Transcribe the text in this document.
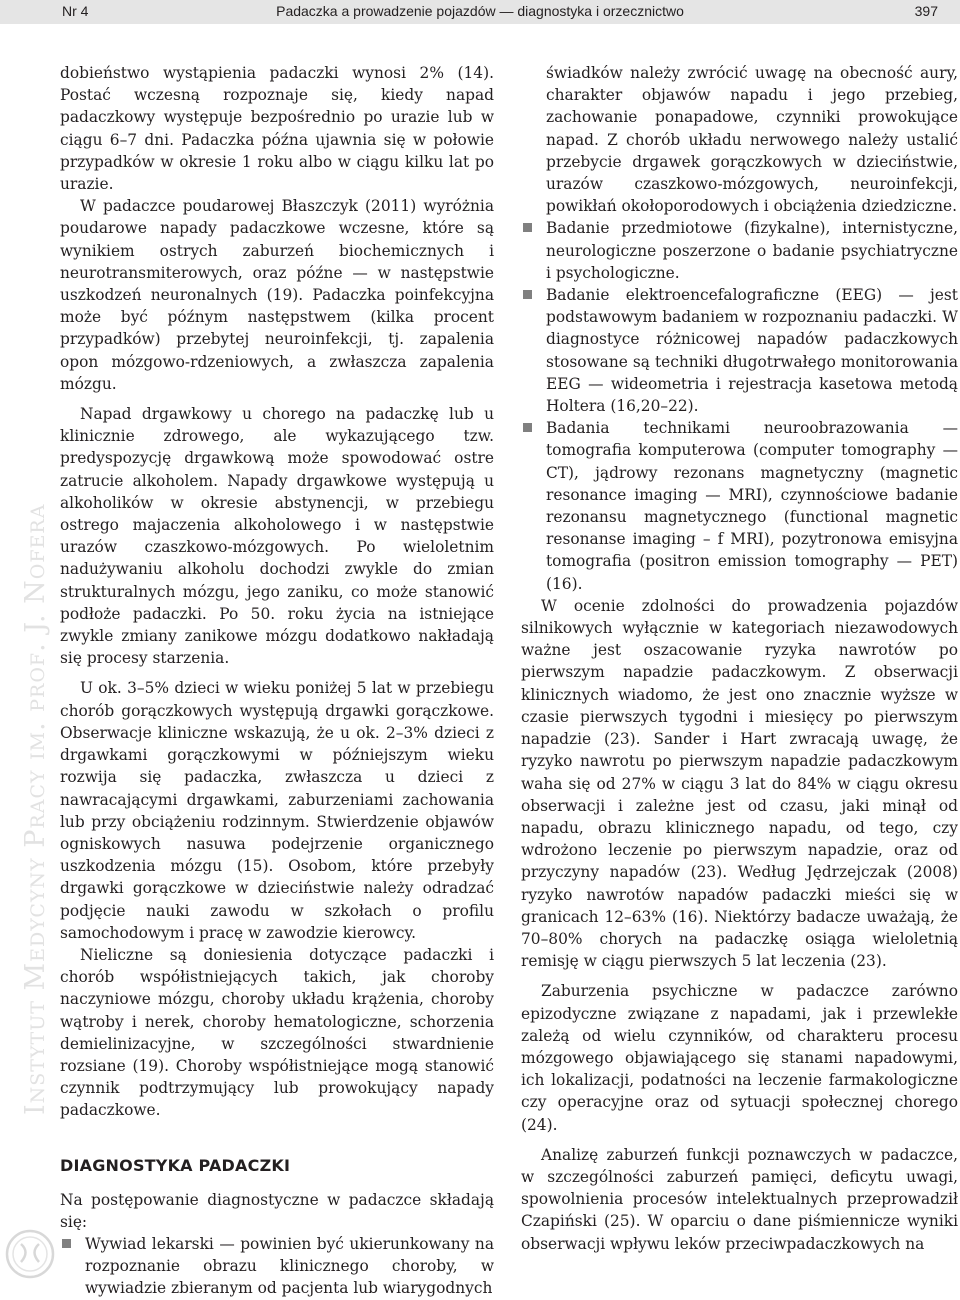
Nr 4	Padaczka a prowadzenie pojazdów — diagnostyka i orzecznictwo	397
Instytut Medycyny Pracy im. prof. J. Nofera

dobieństwo wystąpienia padaczki wynosi 2% (14). Postać wczesną rozpoznaje się, kiedy napad padaczkowy występuje bezpośrednio po urazie lub w ciągu 6–7 dni. Padaczka późna ujawnia się w połowie przypadków w okresie 1 roku albo w ciągu kilku lat po urazie.

W padaczce poudarowej Błaszczyk (2011) wyróżnia poudarowe napady padaczkowe wczesne, które są wynikiem ostrych zaburzeń biochemicznych i neurotransmiterowych, oraz późne — w następstwie uszkodzeń neuronalnych (19). Padaczka poinfekcyjna może być późnym następstwem (kilka procent przypadków) przebytej neuroinfekcji, tj. zapalenia opon mózgowo-rdzeniowych, a zwłaszcza zapalenia mózgu.

Napad drgawkowy u chorego na padaczkę lub u klinicznie zdrowego, ale wykazującego tzw. predyspozycję drgawkową może spowodować ostre zatrucie alkoholem. Napady drgawkowe występują u alkoholików w okresie abstynencji, w przebiegu ostrego majaczenia alkoholowego i w następstwie urazów czaszkowo-mózgowych. Po wieloletnim nadużywaniu alkoholu dochodzi zwykle do zmian strukturalnych mózgu, jego zaniku, co może stanowić podłoże padaczki. Po 50. roku życia na istniejące zwykle zmiany zanikowe mózgu dodatkowo nakładają się procesy starzenia.

U ok. 3–5% dzieci w wieku poniżej 5 lat w przebiegu chorób gorączkowych występują drgawki gorączkowe. Obserwacje kliniczne wskazują, że u ok. 2–3% dzieci z drgawkami gorączkowymi w późniejszym wieku rozwija się padaczka, zwłaszcza u dzieci z nawracającymi drgawkami, zaburzeniami zachowania lub przy obciążeniu rodzinnym. Stwierdzenie objawów ogniskowych nasuwa podejrzenie organicznego uszkodzenia mózgu (15). Osobom, które przebyły drgawki gorączkowe w dzieciństwie należy odradzać podjęcie nauki zawodu w szkołach o profilu samochodowym i pracę w zawodzie kierowcy.

Nieliczne są doniesienia dotyczące padaczki i chorób współistniejących takich, jak choroby naczyniowe mózgu, choroby układu krążenia, choroby wątroby i nerek, choroby hematologiczne, schorzenia demielinizacyjne, w szczególności stwardnienie rozsiane (19). Choroby współistniejące mogą stanowić czynnik podtrzymujący lub prowokujący napady padaczkowe.

DIAGNOSTYKA PADACZKI

Na postępowanie diagnostyczne w padaczce składają się:

Wywiad lekarski — powinien być ukierunkowany na rozpoznanie obrazu klinicznego choroby, w wywiadzie zbieranym od pacjenta lub wiarygodnych
świadków należy zwrócić uwagę na obecność aury, charakter objawów napadu i jego przebieg, zachowanie ponapadowe, czynniki prowokujące napad. Z chorób układu nerwowego należy ustalić przebycie drgawek gorączkowych w dzieciństwie, urazów czaszkowo-mózgowych, neuroinfekcji, powikłań okołoporodowych i obciążenia dziedziczne.
Badanie przedmiotowe (fizykalne), internistyczne, neurologiczne poszerzone o badanie psychiatryczne i psychologiczne.
Badanie elektroencefalograficzne (EEG) — jest podstawowym badaniem w rozpoznaniu padaczki. W diagnostyce różnicowej napadów padaczkowych stosowane są techniki długotrwałego monitorowania EEG — wideometria i rejestracja kasetowa metodą Holtera (16,20–22).
Badania technikami neuroobrazowania — tomografia komputerowa (computer tomography — CT), jądrowy rezonans magnetyczny (magnetic resonance imaging — MRI), czynnościowe badanie rezonansu magnetycznego (functional magnetic resonanse imaging – f MRI), pozytronowa emisyjna tomografia (positron emission tomography — PET) (16).

W ocenie zdolności do prowadzenia pojazdów silnikowych wyłącznie w kategoriach niezawodowych ważne jest oszacowanie ryzyka nawrotów po pierwszym napadzie padaczkowym. Z obserwacji klinicznych wiadomo, że jest ono znacznie wyższe w czasie pierwszych tygodni i miesięcy po pierwszym napadzie (23). Sander i Hart zwracają uwagę, że ryzyko nawrotu po pierwszym napadzie padaczkowym waha się od 27% w ciągu 3 lat do 84% w ciągu okresu obserwacji i zależne jest od czasu, jaki minął od napadu, obrazu klinicznego napadu, od tego, czy wdrożono leczenie po pierwszym napadzie, oraz od przyczyny napadów (23). Według Jędrzejczak (2008) ryzyko nawrotów napadów padaczki mieści się w granicach 12–63% (16). Niektórzy badacze uważają, że 70–80% chorych na padaczkę osiąga wieloletnią remisję w ciągu pierwszych 5 lat leczenia (23).

Zaburzenia psychiczne w padaczce zarówno epizodyczne związane z napadami, jak i przewlekłe zależą od wielu czynników, od charakteru procesu mózgowego objawiającego się stanami napadowymi, ich lokalizacji, podatności na leczenie farmakologiczne czy operacyjne oraz od sytuacji społecznej chorego (24).

Analizę zaburzeń funkcji poznawczych w padaczce, w szczególności zaburzeń pamięci, deficytu uwagi, spowolnienia procesów intelektualnych przeprowadził Czapiński (25). W oparciu o dane piśmiennicze wyniki obserwacji wpływu leków przeciwpadaczkowych na
